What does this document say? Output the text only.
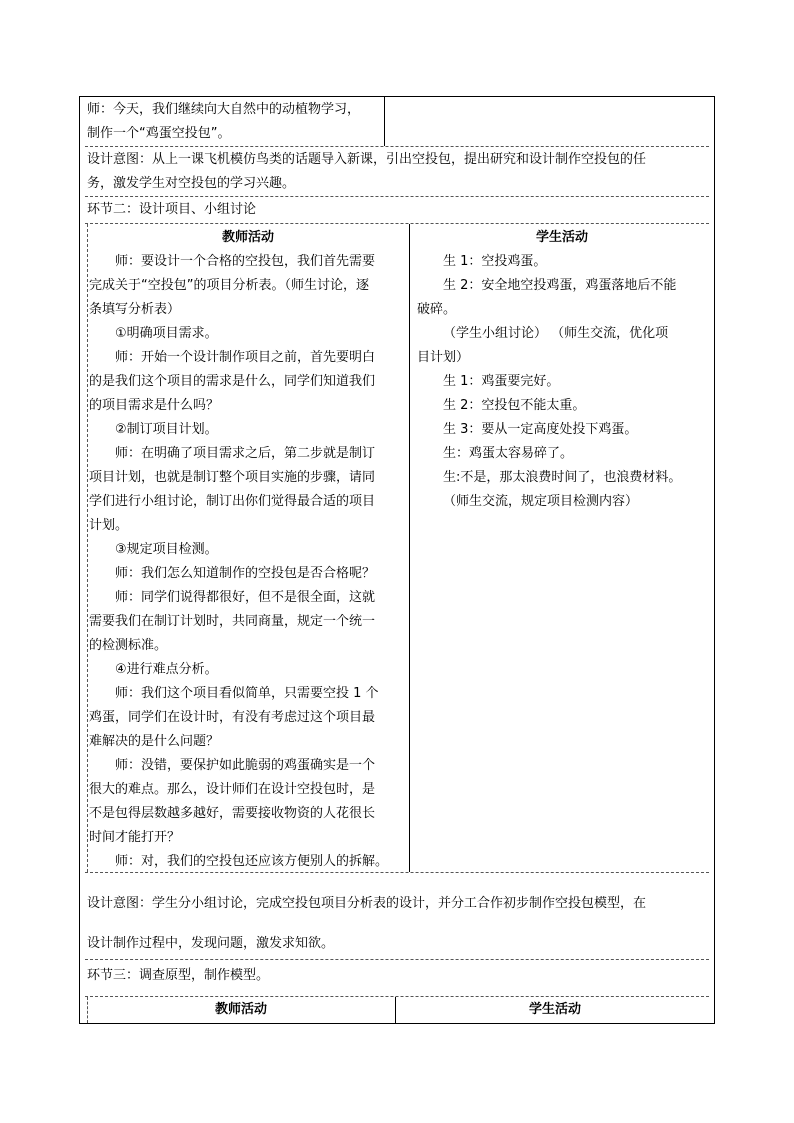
师：今天，我们继续向大自然中的动植物学习，
制作一个“鸡蛋空投包”。
设计意图：从上一课飞机模仿鸟类的话题导入新课，引出空投包，提出研究和设计制作空投包的任
务，激发学生对空投包的学习兴趣。
环节二：设计项目、小组讨论
教师活动	学生活动
师：要设计一个合格的空投包，我们首先需要
完成关于“空投包”的项目分析表。（师生讨论，逐
条填写分析表）
①明确项目需求。
师：开始一个设计制作项目之前，首先要明白
的是我们这个项目的需求是什么，同学们知道我们
的项目需求是什么吗？
②制订项目计划。
师：在明确了项目需求之后，第二步就是制订
项目计划，也就是制订整个项目实施的步骤，请同
学们进行小组讨论，制订出你们觉得最合适的项目
计划。
③规定项目检测。
师：我们怎么知道制作的空投包是否合格呢？
师：同学们说得都很好，但不是很全面，这就
需要我们在制订计划时，共同商量，规定一个统一
的检测标准。
④进行难点分析。
师：我们这个项目看似简单，只需要空投 1 个
鸡蛋，同学们在设计时，有没有考虑过这个项目最
难解决的是什么问题？
师：没错，要保护如此脆弱的鸡蛋确实是一个
很大的难点。那么，设计师们在设计空投包时，是
不是包得层数越多越好，需要接收物资的人花很长
时间才能打开？
师：对，我们的空投包还应该方便别人的拆解。
生 1：空投鸡蛋。
生 2：安全地空投鸡蛋，鸡蛋落地后不能
破碎。
（学生小组讨论） （师生交流，优化项
目计划）
生 1：鸡蛋要完好。
生 2：空投包不能太重。
生 3：要从一定高度处投下鸡蛋。
生：鸡蛋太容易碎了。
生:不是，那太浪费时间了，也浪费材料。
（师生交流，规定项目检测内容）
设计意图：学生分小组讨论，完成空投包项目分析表的设计，并分工合作初步制作空投包模型，在
设计制作过程中，发现问题，激发求知欲。
环节三：调查原型，制作模型。
教师活动	学生活动
